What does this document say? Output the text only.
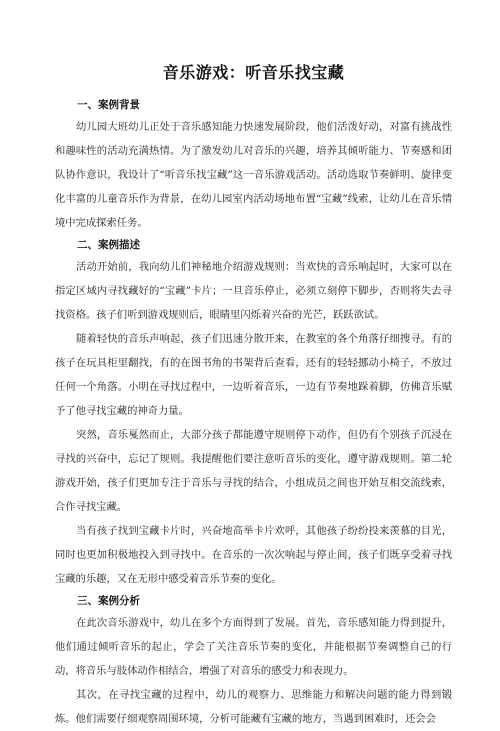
音乐游戏：听音乐找宝藏
一、案例背景

幼儿园大班幼儿正处于音乐感知能力快速发展阶段，他们活泼好动，对富有挑战性和趣味性的活动充满热情。为了激发幼儿对音乐的兴趣，培养其倾听能力、节奏感和团队协作意识，我设计了“听音乐找宝藏”这一音乐游戏活动。活动选取节奏鲜明、旋律变化丰富的儿童音乐作为背景，在幼儿园室内活动场地布置“宝藏”线索，让幼儿在音乐情境中完成探索任务。

二、案例描述

活动开始前，我向幼儿们神秘地介绍游戏规则：当欢快的音乐响起时，大家可以在指定区域内寻找藏好的“宝藏”卡片；一旦音乐停止，必须立刻停下脚步，否则将失去寻找资格。孩子们听到游戏规则后，眼睛里闪烁着兴奋的光芒，跃跃欲试。

随着轻快的音乐声响起，孩子们迅速分散开来，在教室的各个角落仔细搜寻。有的孩子在玩具柜里翻找，有的在图书角的书架背后查看，还有的轻轻挪动小椅子，不放过任何一个角落。小明在寻找过程中，一边听着音乐，一边有节奏地跺着脚，仿佛音乐赋予了他寻找宝藏的神奇力量。

突然，音乐戛然而止，大部分孩子都能遵守规则停下动作，但仍有个别孩子沉浸在寻找的兴奋中，忘记了规则。我提醒他们要注意听音乐的变化，遵守游戏规则。第二轮游戏开始，孩子们更加专注于音乐与寻找的结合，小组成员之间也开始互相交流线索，合作寻找宝藏。

当有孩子找到宝藏卡片时，兴奋地高举卡片欢呼，其他孩子纷纷投来羡慕的目光，同时也更加积极地投入到寻找中。在音乐的一次次响起与停止间，孩子们既享受着寻找宝藏的乐趣，又在无形中感受着音乐节奏的变化。

三、案例分析

在此次音乐游戏中，幼儿在多个方面得到了发展。首先，音乐感知能力得到提升，他们通过倾听音乐的起止，学会了关注音乐节奏的变化，并能根据节奏调整自己的行动，将音乐与肢体动作相结合，增强了对音乐的感受力和表现力。

其次，在寻找宝藏的过程中，幼儿的观察力、思维能力和解决问题的能力得到锻炼。他们需要仔细观察周围环境，分析可能藏有宝藏的地方，当遇到困难时，还会会
